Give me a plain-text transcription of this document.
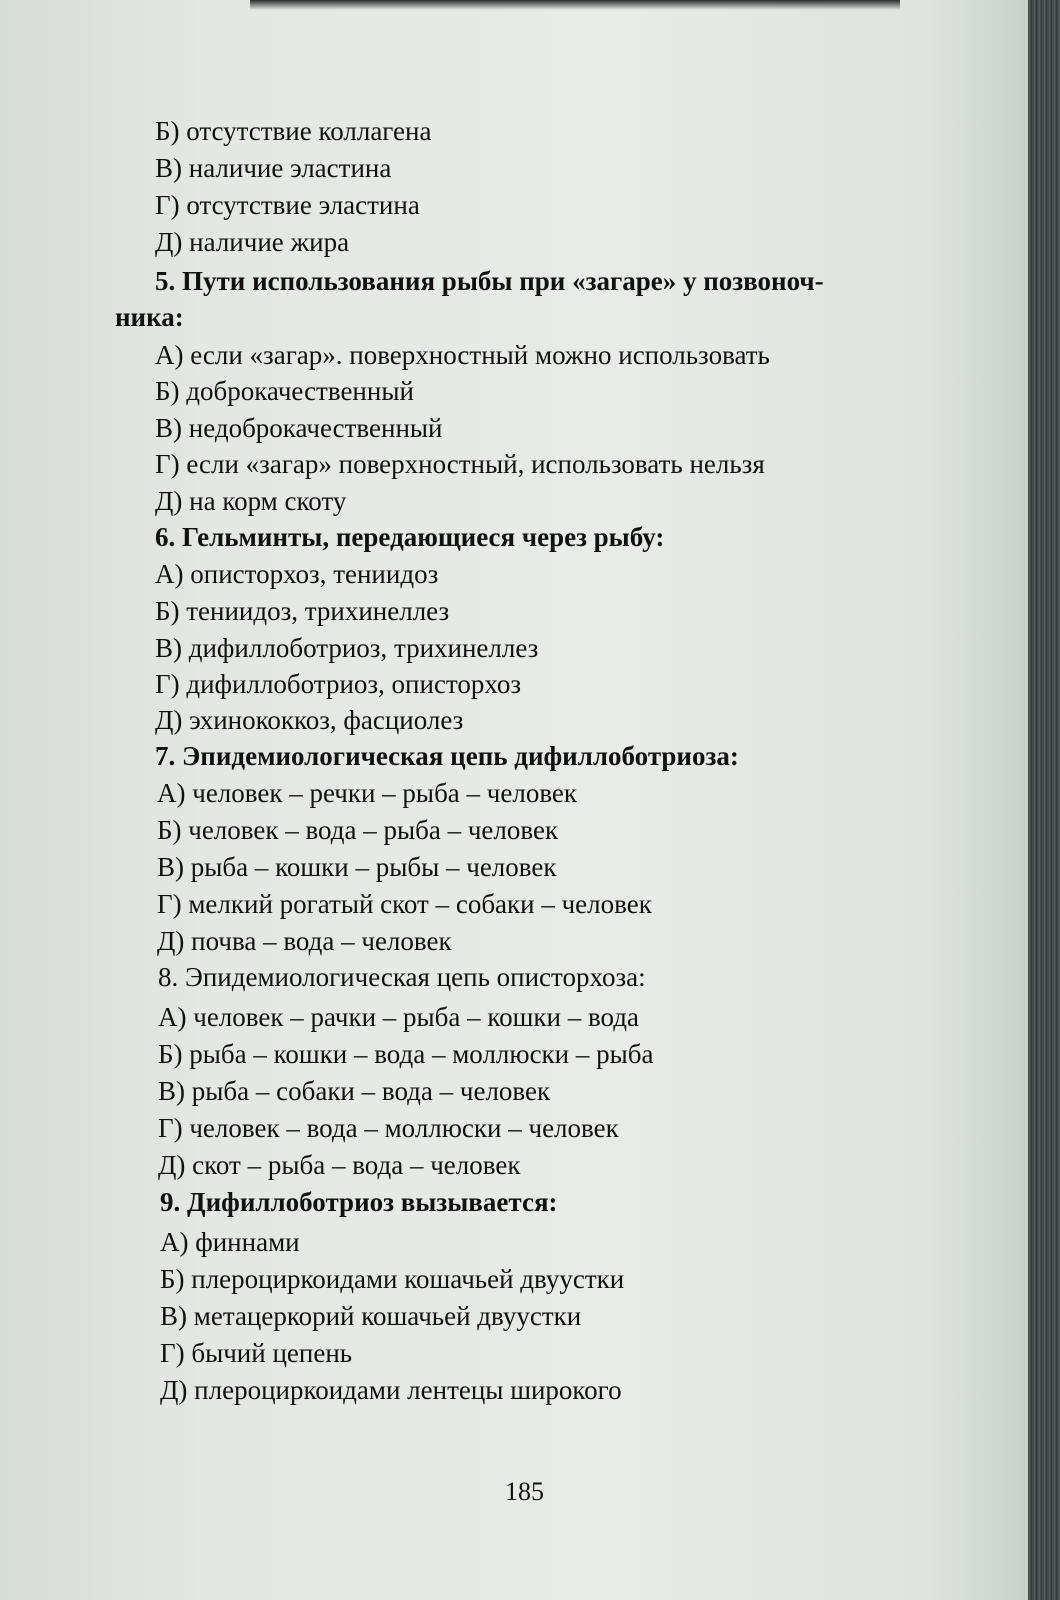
Б) отсутствие коллагена
В) наличие эластина
Г) отсутствие эластина
Д) наличие жира
5. Пути использования рыбы при «загаре» у позвоноч-
ника:
А) если «загар». поверхностный можно использовать
Б) доброкачественный
В) недоброкачественный
Г) если «загар» поверхностный, использовать нельзя
Д) на корм скоту
6. Гельминты, передающиеся через рыбу:
А) описторхоз, тениидоз
Б) тениидоз, трихинеллез
В) дифиллоботриоз, трихинеллез
Г) дифиллоботриоз, описторхоз
Д) эхинококкоз, фасциолез
7. Эпидемиологическая цепь дифиллоботриоза:
А) человек – речки – рыба – человек
Б) человек – вода – рыба – человек
В) рыба – кошки – рыбы – человек
Г) мелкий рогатый скот – собаки – человек
Д) почва – вода – человек
8. Эпидемиологическая цепь описторхоза:
А) человек – рачки – рыба – кошки – вода
Б) рыба – кошки – вода – моллюски – рыба
В) рыба – собаки – вода – человек
Г) человек – вода – моллюски – человек
Д) скот – рыба – вода – человек
9. Дифиллоботриоз вызывается:
А) финнами
Б) плероциркоидами кошачьей двуустки
В) метацеркорий кошачьей двуустки
Г) бычий цепень
Д) плероциркоидами лентецы широкого
185
